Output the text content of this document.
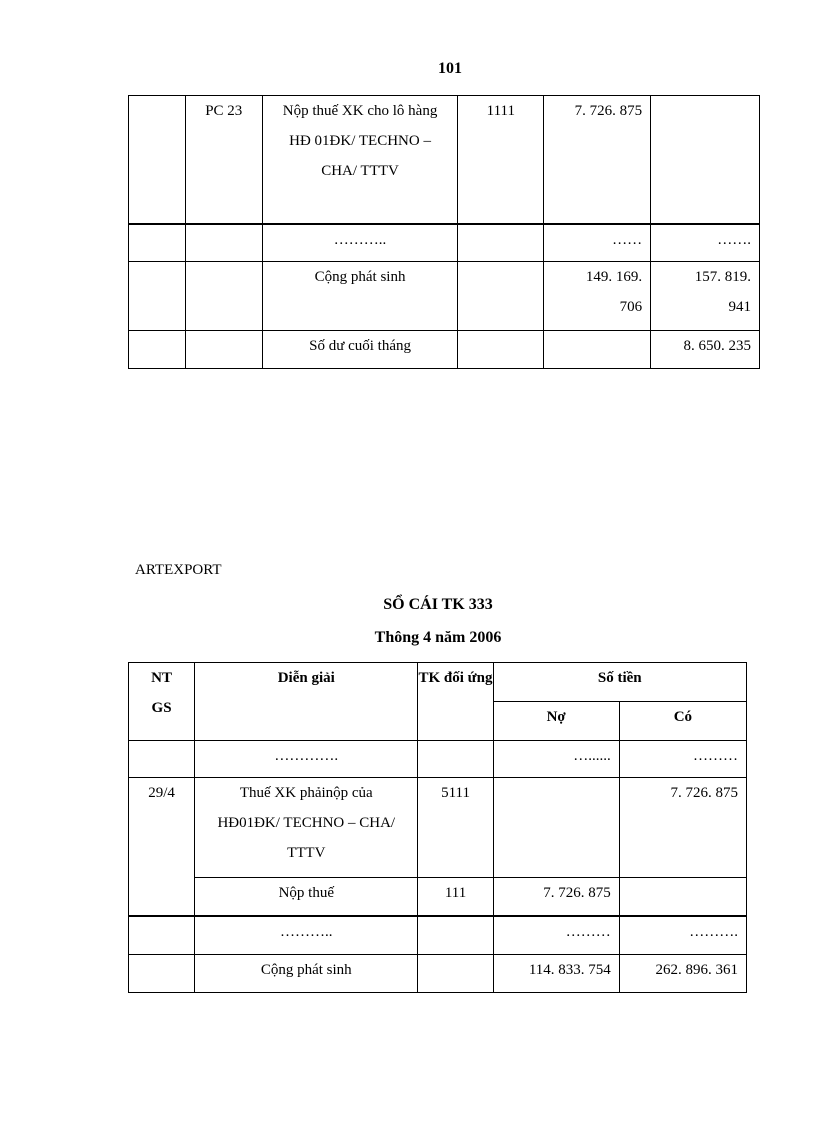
101
	PC 23	Nộp thuế XK cho lô hàng HĐ 01ĐK/ TECHNO – CHA/ TTTV	1111	7. 726. 875	
		………..		……	…….
		Cộng phát sinh		149. 169. 706	157. 819. 941
		Số dư cuối tháng			8. 650. 235
ARTEXPORT
SỔ CÁI TK 333
Thông 4 năm 2006
NT GS	Diễn giải	TK đối ứng	Số tiền	
			Nợ	Có
	………….		…......	………
29/4	Thuế XK phảinộp của HĐ01ĐK/ TECHNO – CHA/ TTTV	5111		7. 726. 875
	Nộp thuế	111	7. 726. 875	
	………..		………	……….
	Cộng phát sinh		114. 833. 754	262. 896. 361
